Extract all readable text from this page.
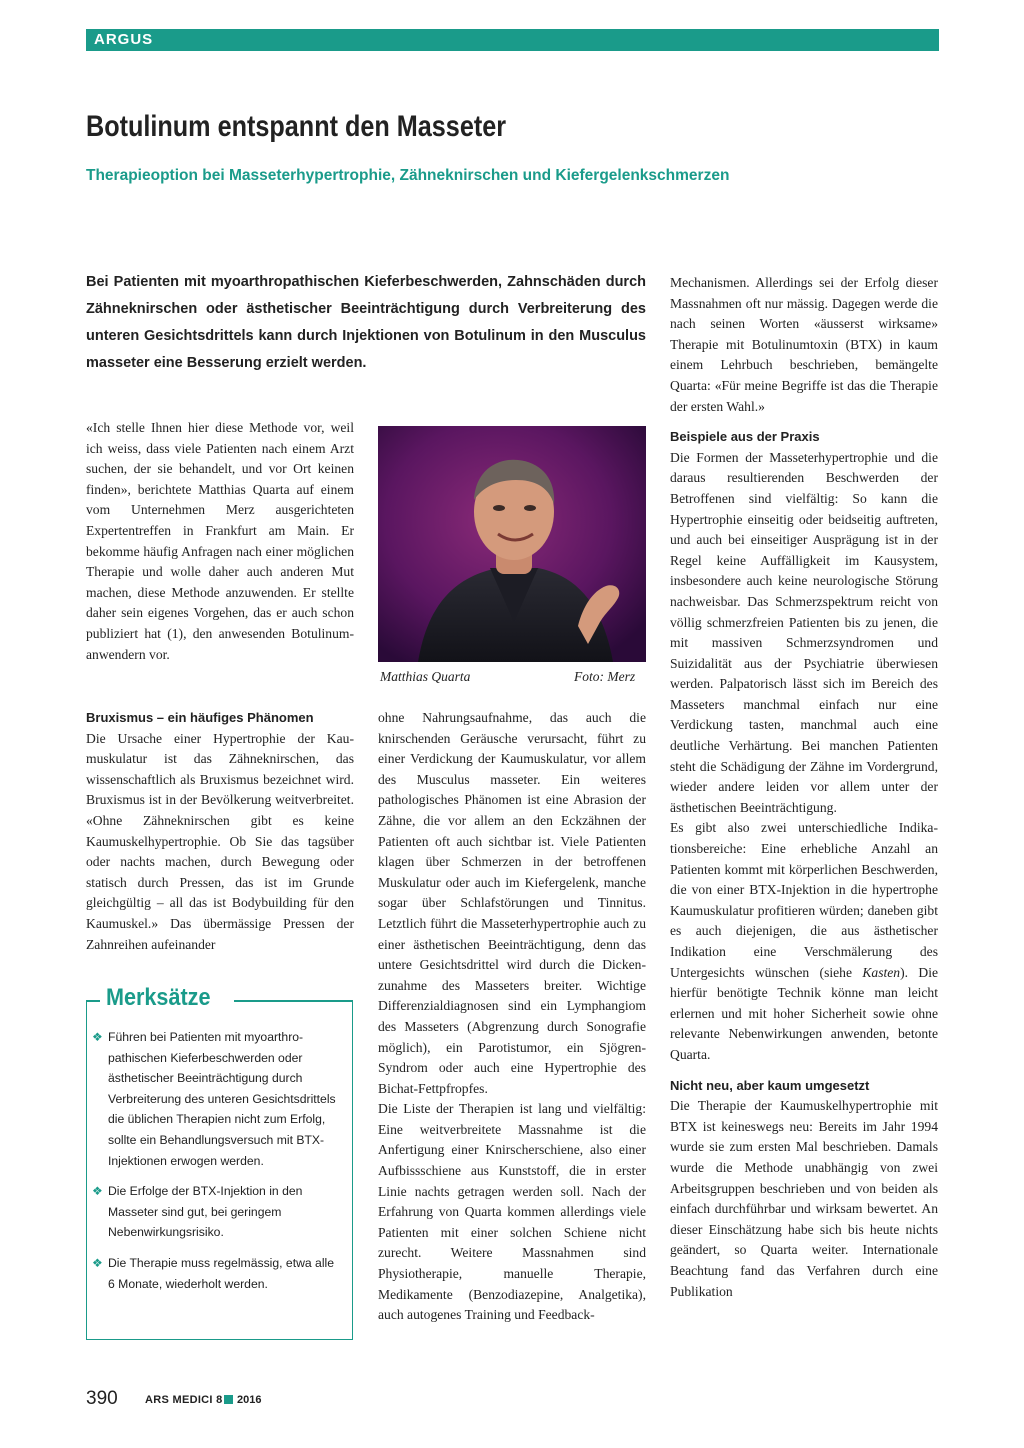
ARGUS
Botulinum entspannt den Masseter
Therapieoption bei Masseterhypertrophie, Zähneknirschen und Kiefergelenkschmerzen
Bei Patienten mit myoarthropathischen Kieferbeschwerden, Zahnschäden durch Zähneknirschen oder ästhetischer Beeinträchtigung durch Verbreiterung des unteren Gesichtsdrittels kann durch Injektionen von Botulinum in den Musculus masseter eine Besserung erzielt werden.

«Ich stelle Ihnen hier diese Methode vor, weil ich weiss, dass viele Patienten nach einem Arzt suchen, der sie behandelt, und vor Ort keinen finden», berichtete Matthias Quarta auf einem vom Unternehmen Merz ausgerichteten Expertentreffen in Frankfurt am Main. Er bekomme häufig Anfragen nach einer möglichen Therapie und wolle daher auch anderen Mut machen, diese Methode anzuwenden. Er stellte daher sein eigenes Vorgehen, das er auch schon publiziert hat (1), den anwesenden Botulinumanwendern vor.

Matthias Quarta	Foto: Merz
Bruxismus – ein häufiges Phänomen

Die Ursache einer Hypertrophie der Kaumuskulatur ist das Zähneknirschen, das wissenschaftlich als Bruxismus bezeichnet wird. Bruxismus ist in der Bevölkerung weitverbreitet. «Ohne Zähneknirschen gibt es keine Kaumuskelhypertrophie. Ob Sie das tagsüber oder nachts machen, durch Bewegung oder statisch durch Pressen, das ist im Grunde gleichgültig – all das ist Bodybuilding für den Kaumuskel.» Das übermässige Pressen der Zahnreihen aufeinander

Merksätze
❖ Führen bei Patienten mit myoarthropathischen Kieferbeschwerden oder ästhetischer Beeinträchtigung durch Verbreiterung des unteren Gesichtsdrittels die üblichen Therapien nicht zum Erfolg, sollte ein Behandlungsversuch mit BTX-Injektionen erwogen werden.
❖ Die Erfolge der BTX-Injektion in den Masseter sind gut, bei geringem Nebenwirkungsrisiko.
❖ Die Therapie muss regelmässig, etwa alle 6 Monate, wiederholt werden.

ohne Nahrungsaufnahme, das auch die knirschenden Geräusche verursacht, führt zu einer Verdickung der Kaumuskulatur, vor allem des Musculus masseter. Ein weiteres pathologisches Phänomen ist eine Abrasion der Zähne, die vor allem an den Eckzähnen der Patienten oft auch sichtbar ist. Viele Patienten klagen über Schmerzen in der betroffenen Muskulatur oder auch im Kiefergelenk, manche sogar über Schlafstörungen und Tinnitus. Letztlich führt die Masseterhypertrophie auch zu einer ästhetischen Beeinträchtigung, denn das untere Gesichtsdrittel wird durch die Dickenzunahme des Masseters breiter. Wichtige Differenzialdiagnosen sind ein Lymphangiom des Masseters (Abgrenzung durch Sonografie möglich), ein Parotistumor, ein Sjögren-Syndrom oder auch eine Hypertrophie des Bichat-Fettpfropfes.

Die Liste der Therapien ist lang und vielfältig: Eine weitverbreitete Massnahme ist die Anfertigung einer Knirscherschiene, also einer Aufbissschiene aus Kunststoff, die in erster Linie nachts getragen werden soll. Nach der Erfahrung von Quarta kommen allerdings viele Patienten mit einer solchen Schiene nicht zurecht. Weitere Massnahmen sind Physiotherapie, manuelle Therapie, Medikamente (Benzodiazepine, Analgetika), auch autogenes Training und Feedback-

Mechanismen. Allerdings sei der Erfolg dieser Massnahmen oft nur mässig. Dagegen werde die nach seinen Worten «äusserst wirksame» Therapie mit Botulinumtoxin (BTX) in kaum einem Lehrbuch beschrieben, bemängelte Quarta: «Für meine Begriffe ist das die Therapie der ersten Wahl.»

Beispiele aus der Praxis

Die Formen der Masseterhypertrophie und die daraus resultierenden Beschwerden der Betroffenen sind vielfältig: So kann die Hypertrophie einseitig oder beidseitig auftreten, und auch bei einseitiger Ausprägung ist in der Regel keine Auffälligkeit im Kausystem, insbesondere auch keine neurologische Störung nachweisbar. Das Schmerzspektrum reicht von völlig schmerzfreien Patienten bis zu jenen, die mit massiven Schmerzsyndromen und Suizidalität aus der Psychiatrie überwiesen werden. Palpatorisch lässt sich im Bereich des Masseters manchmal einfach nur eine Verdickung tasten, manchmal auch eine deutliche Verhärtung. Bei manchen Patienten steht die Schädigung der Zähne im Vordergrund, wieder andere leiden vor allem unter der ästhetischen Beeinträchtigung.

Es gibt also zwei unterschiedliche Indikationsbereiche: Eine erhebliche Anzahl an Patienten kommt mit körperlichen Beschwerden, die von einer BTX-Injektion in die hypertrophe Kaumuskulatur profitieren würden; daneben gibt es auch diejenigen, die aus ästhetischer Indikation eine Verschmälerung des Untergesichts wünschen (siehe Kasten). Die hierfür benötigte Technik könne man leicht erlernen und mit hoher Sicherheit sowie ohne relevante Nebenwirkungen anwenden, betonte Quarta.

Nicht neu, aber kaum umgesetzt

Die Therapie der Kaumuskelhypertrophie mit BTX ist keineswegs neu: Bereits im Jahr 1994 wurde sie zum ersten Mal beschrieben. Damals wurde die Methode unabhängig von zwei Arbeitsgruppen beschrieben und von beiden als einfach durchführbar und wirksam bewertet. An dieser Einschätzung habe sich bis heute nichts geändert, so Quarta weiter. Internationale Beachtung fand das Verfahren durch eine Publikation

390 ARS MEDICI 8 2016
